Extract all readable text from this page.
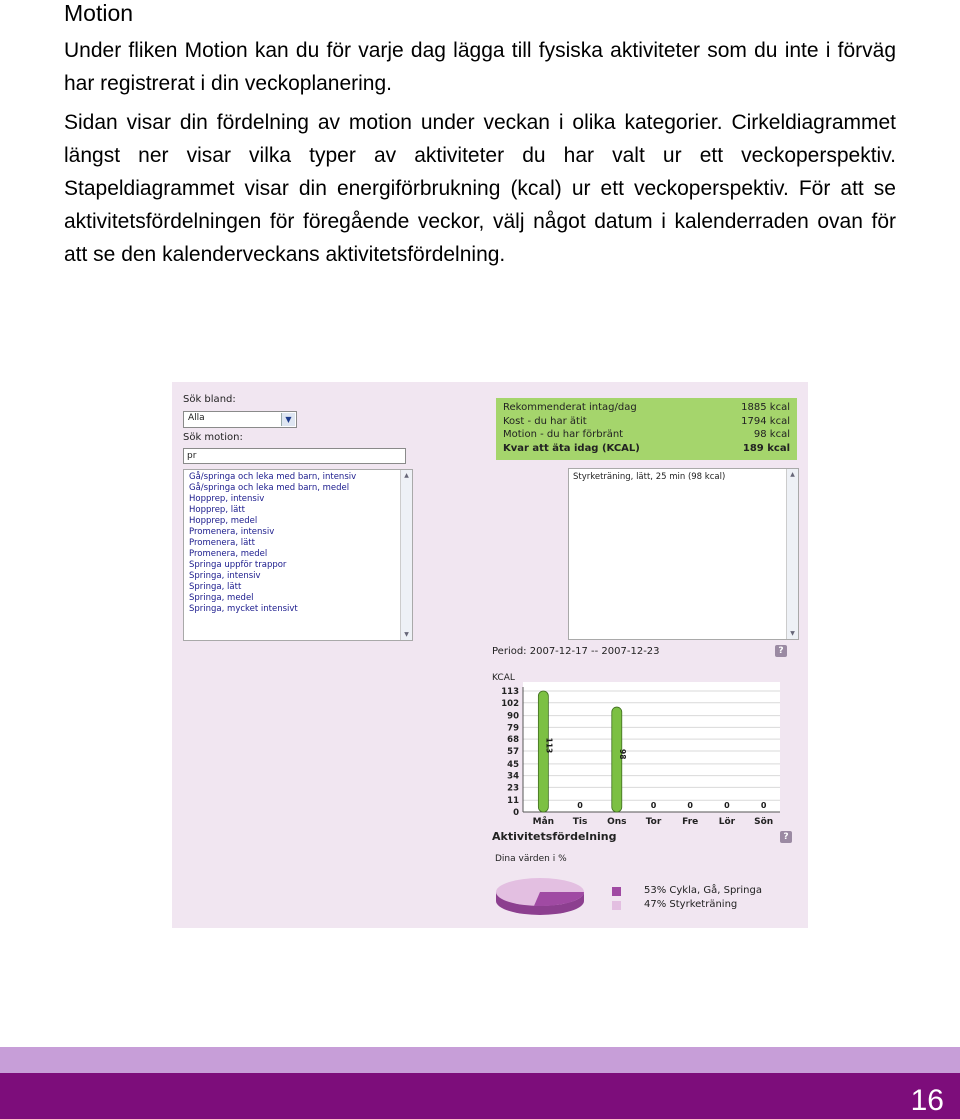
Motion
Under fliken Motion kan du för varje dag lägga till fysiska aktiviteter som du inte i förväg har registrerat i din veckoplanering.
Sidan visar din fördelning av motion under veckan i olika kategorier. Cirkeldiagrammet längst ner visar vilka typer av aktiviteter du har valt ur ett veckoperspektiv. Stapeldiagrammet visar din energiförbrukning (kcal) ur ett veckoperspektiv. För att se aktivitetsfördelningen för föregående veckor, välj något datum i kalenderraden ovan för att se den kalenderveckans aktivitetsfördelning.
Sök bland:
Alla	▼
Sök motion:
pr
Gå/springa och leka med barn, intensiv
Gå/springa och leka med barn, medel
Hopprep, intensiv
Hopprep, lätt
Hopprep, medel
Promenera, intensiv
Promenera, lätt
Promenera, medel
Springa uppför trappor
Springa, intensiv
Springa, lätt
Springa, medel
Springa, mycket intensivt
▲
▼
Rekommenderat intag/dag	1885 kcal
Kost - du har ätit	1794 kcal
Motion - du har förbränt	98 kcal
Kvar att äta idag (KCAL)	189 kcal
Styrketräning, lätt, 25 min (98 kcal)	▲
▼
Period: 2007-12-17 -- 2007-12-23	?
KCAL
113
102
90
79
68
57
45
34
23
11
0
113
Mån
0
Tis
98
Ons
0
Tor
0
Fre
0
Lör
0
Sön
Aktivitetsfördelning	?
Dina värden i %
53% Cykla, Gå, Springa
47% Styrketräning
16
